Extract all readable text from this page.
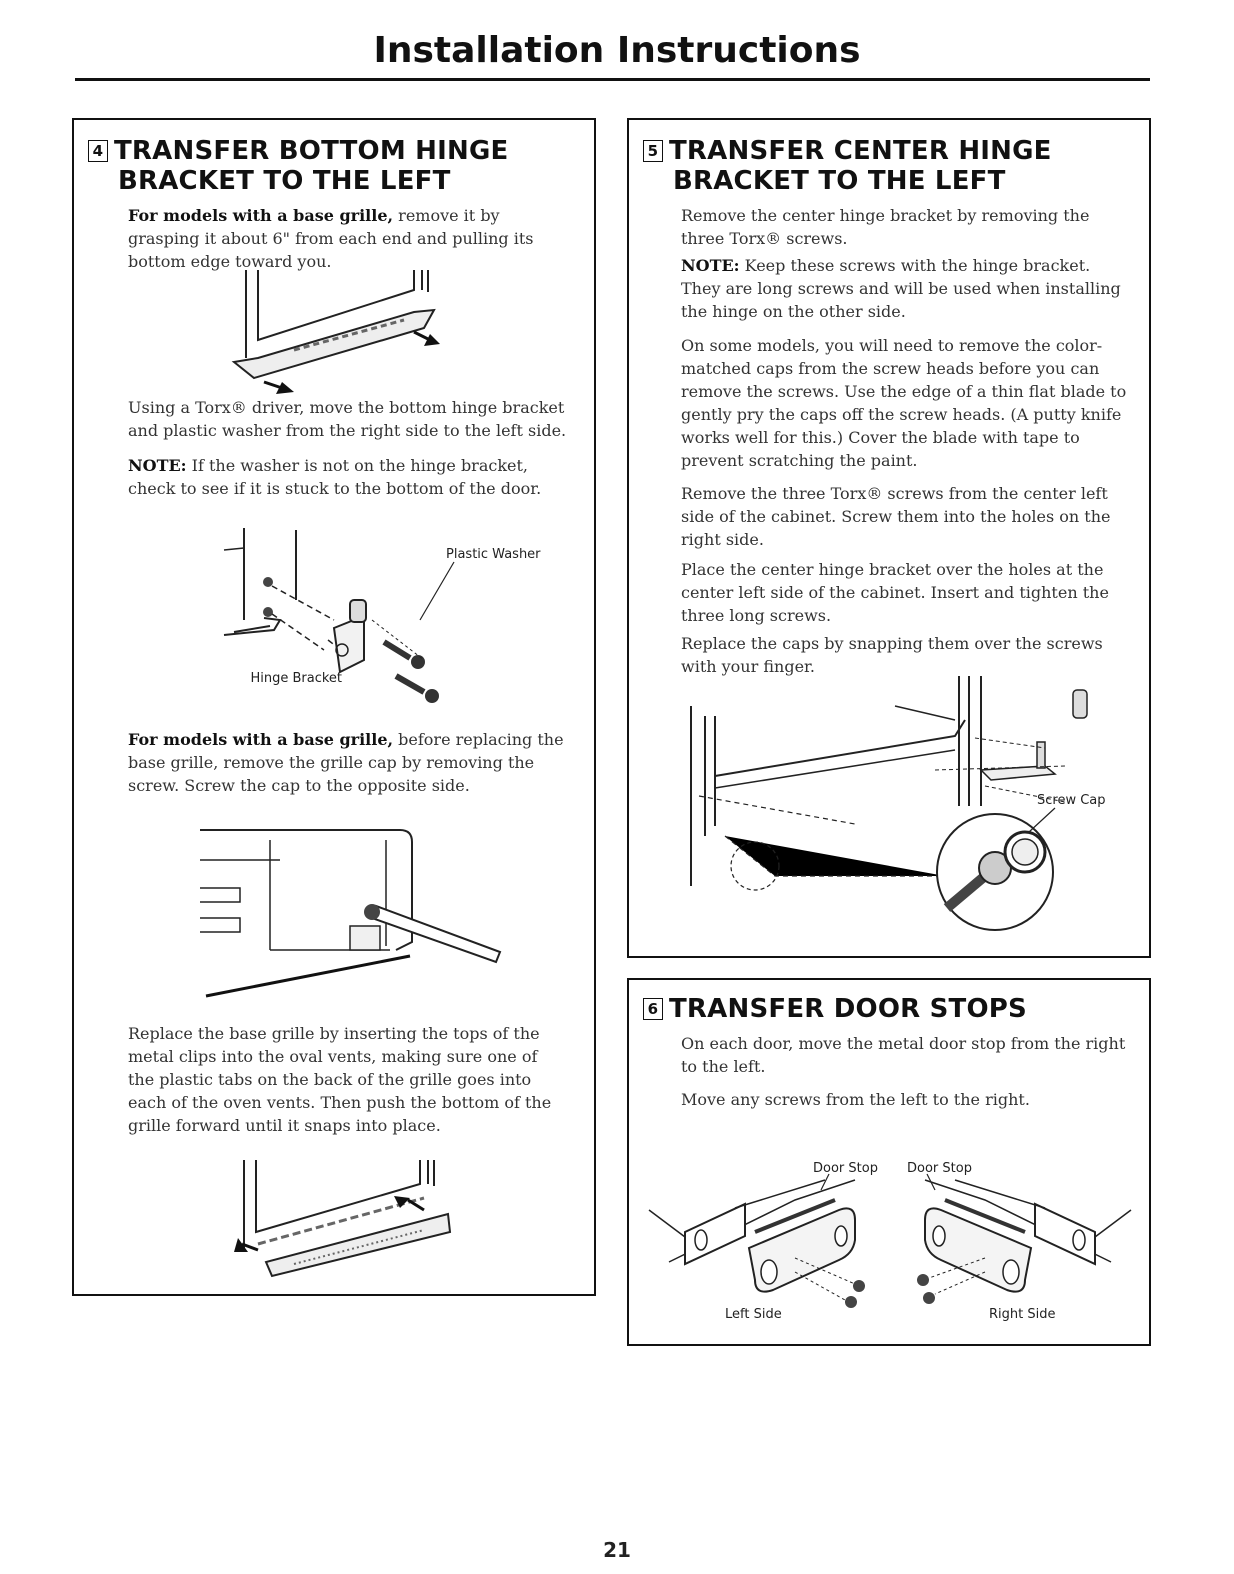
Installation Instructions
4 TRANSFER BOTTOM HINGE
BRACKET TO THE LEFT
For models with a base grille, remove it by grasping it about 6" from each end and pulling its bottom edge toward you.
Using a Torx® driver, move the bottom hinge bracket and plastic washer from the right side to the left side.
NOTE: If the washer is not on the hinge bracket, check to see if it is stuck to the bottom of the door.
Plastic Washer
Hinge Bracket
For models with a base grille, before replacing the base grille, remove the grille cap by removing the screw. Screw the cap to the opposite side.
Replace the base grille by inserting the tops of the metal clips into the oval vents, making sure one of the plastic tabs on the back of the grille goes into each of the oven vents. Then push the bottom of the grille forward until it snaps into place.
5 TRANSFER CENTER HINGE
BRACKET TO THE LEFT
Remove the center hinge bracket by removing the three Torx® screws.
NOTE: Keep these screws with the hinge bracket. They are long screws and will be used when installing the hinge on the other side.
On some models, you will need to remove the color-matched caps from the screw heads before you can remove the screws. Use the edge of a thin flat blade to gently pry the caps off the screw heads. (A putty knife works well for this.) Cover the blade with tape to prevent scratching the paint.
Remove the three Torx® screws from the center left side of the cabinet. Screw them into the holes on the right side.
Place the center hinge bracket over the holes at the center left side of the cabinet. Insert and tighten the three long screws.
Replace the caps by snapping them over the screws with your finger.
Screw Cap
6 TRANSFER DOOR STOPS
On each door, move the metal door stop from the right to the left.
Move any screws from the left to the right.
Door Stop Door Stop
Left Side	Right Side
21
